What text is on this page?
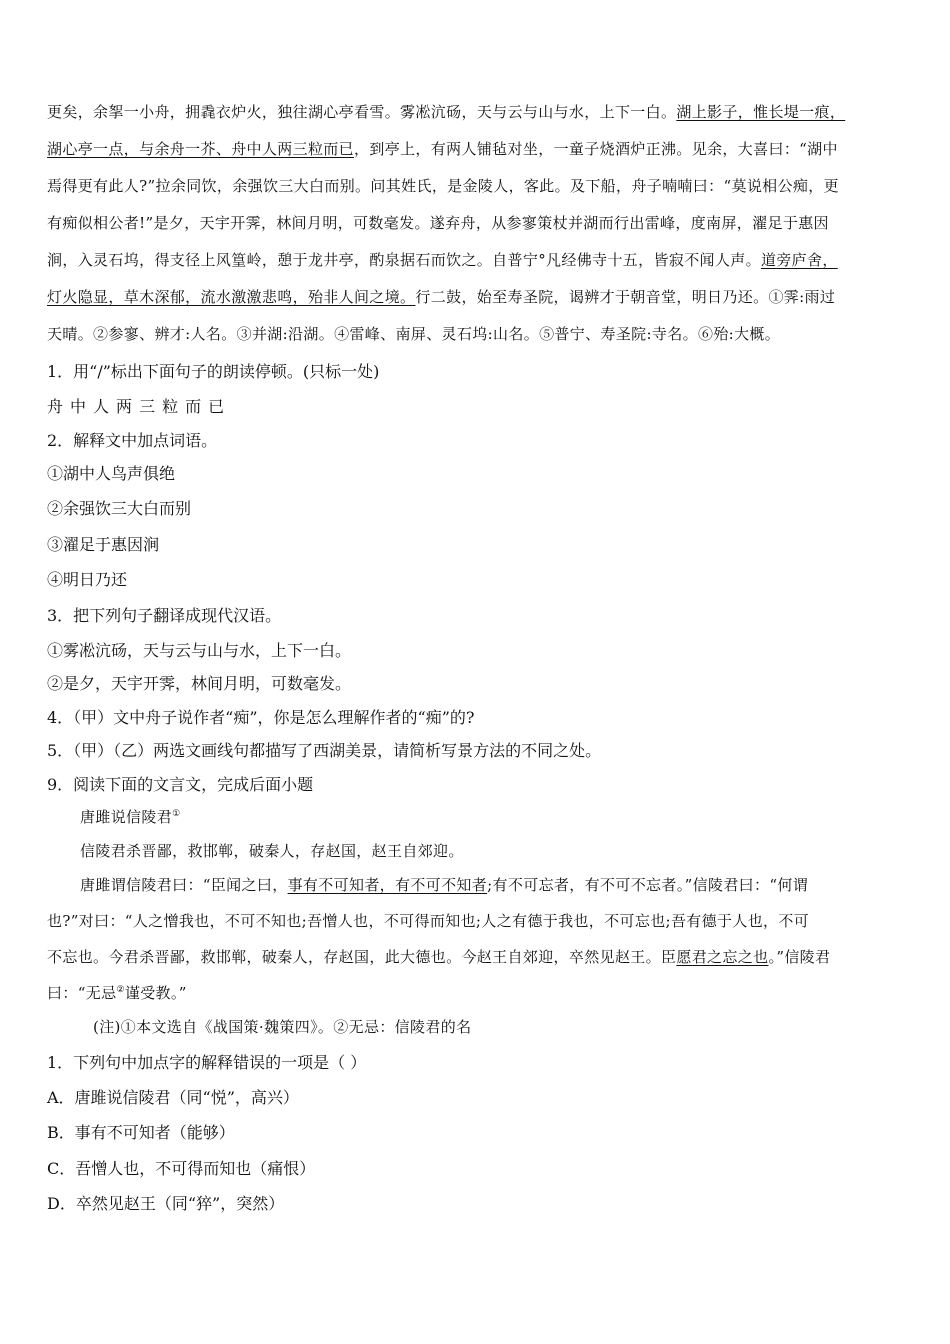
更矣，余挐一小舟，拥毳衣炉火，独往湖心亭看雪。雾凇沆砀，天与云与山与水，上下一白。湖上影子，惟长堤一痕，
湖心亭一点，与余舟一芥、舟中人两三粒而已，到亭上，有两人铺毡对坐，一童子烧酒炉正沸。见余，大喜曰：“湖中
焉得更有此人?”拉余同饮，余强饮三大白而别。问其姓氏，是金陵人，客此。及下船，舟子喃喃曰：“莫说相公痴，更
有痴似相公者!”是夕，天宇开霁，林间月明，可数毫发。遂弃舟，从参寥策杖并湖而行出雷峰，度南屏，濯足于惠因
涧，入灵石坞，得支径上风篁岭，憩于龙井亭，酌泉据石而饮之。自普宁°凡经佛寺十五，皆寂不闻人声。道旁庐舍，
灯火隐显，草木深郁，流水激激悲鸣，殆非人间之境。行二鼓，始至寿圣院，谒辨才于朝音堂，明日乃还。①霁:雨过
天晴。②参寥、辨才:人名。③并湖:沿湖。④雷峰、南屏、灵石坞:山名。⑤普宁、寿圣院:寺名。⑥殆:大概。
1．用“/”标出下面句子的朗读停顿。(只标一处)
舟 中 人 两 三 粒 而 已
2．解释文中加点词语。
①湖中人鸟声俱绝
②余强饮三大白而别
③濯足于惠因涧
④明日乃还
3．把下列句子翻译成现代汉语。
①雾凇沆砀，天与云与山与水，上下一白。
②是夕，天宇开霁，林间月明，可数毫发。
4．（甲）文中舟子说作者“痴”，你是怎么理解作者的“痴”的?
5．（甲）（乙）两选文画线句都描写了西湖美景，请简析写景方法的不同之处。
9．阅读下面的文言文，完成后面小题
唐雎说信陵君①
信陵君杀晋鄙，救邯郸，破秦人，存赵国，赵王自郊迎。
唐雎谓信陵君曰：“臣闻之曰，事有不可知者，有不可不知者;有不可忘者，有不可不忘者。”信陵君曰：“何谓
也?”对曰：“人之憎我也，不可不知也;吾憎人也，不可得而知也;人之有德于我也，不可忘也;吾有德于人也，不可
不忘也。今君杀晋鄙，救邯郸，破秦人，存赵国，此大德也。今赵王自郊迎，卒然见赵王。臣愿君之忘之也。”信陵君
曰：“无忌②谨受教。”
(注)①本文选自《战国策·魏策四》。②无忌：信陵君的名
1．下列句中加点字的解释错误的一项是（ ）
A．唐雎说信陵君（同“悦”，高兴）
B．事有不可知者（能够）
C．吾憎人也，不可得而知也（痛恨）
D．卒然见赵王（同“猝”，突然）
